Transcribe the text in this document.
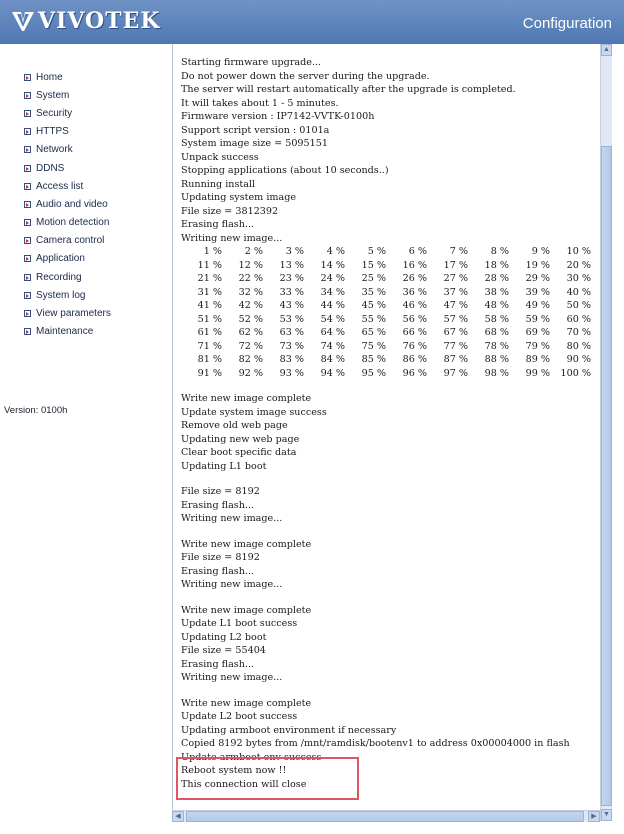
VIVOTEK	Configuration
Home
System
Security
HTTPS
Network
DDNS
Access list
Audio and video
Motion detection
Camera control
Application
Recording
System log
View parameters
Maintenance
Version: 0100h
Starting firmware upgrade...
Do not power down the server during the upgrade.
The server will restart automatically after the upgrade is completed.
It will takes about 1 - 5 minutes.
Firmware version : IP7142-VVTK-0100h
Support script version : 0101a
System image size = 5095151
Unpack success
Stopping applications (about 10 seconds..)
Running install
Updating system image
File size = 3812392
Erasing flash...
Writing new image...
1 %	2 %	3 %	4 %	5 %	6 %	7 %	8 %	9 %	10 %
11 %	12 %	13 %	14 %	15 %	16 %	17 %	18 %	19 %	20 %
21 %	22 %	23 %	24 %	25 %	26 %	27 %	28 %	29 %	30 %
31 %	32 %	33 %	34 %	35 %	36 %	37 %	38 %	39 %	40 %
41 %	42 %	43 %	44 %	45 %	46 %	47 %	48 %	49 %	50 %
51 %	52 %	53 %	54 %	55 %	56 %	57 %	58 %	59 %	60 %
61 %	62 %	63 %	64 %	65 %	66 %	67 %	68 %	69 %	70 %
71 %	72 %	73 %	74 %	75 %	76 %	77 %	78 %	79 %	80 %
81 %	82 %	83 %	84 %	85 %	86 %	87 %	88 %	89 %	90 %
91 %	92 %	93 %	94 %	95 %	96 %	97 %	98 %	99 %	100 %
Write new image complete
Update system image success
Remove old web page
Updating new web page
Clear boot specific data
Updating L1 boot
File size = 8192
Erasing flash...
Writing new image...
Write new image complete
File size = 8192
Erasing flash...
Writing new image...
Write new image complete
Update L1 boot success
Updating L2 boot
File size = 55404
Erasing flash...
Writing new image...
Write new image complete
Update L2 boot success
Updating armboot environment if necessary
Copied 8192 bytes from /mnt/ramdisk/bootenv1 to address 0x00004000 in flash
Update armboot env success
Reboot system now !!
This connection will close
▲
▼
◀	▶
